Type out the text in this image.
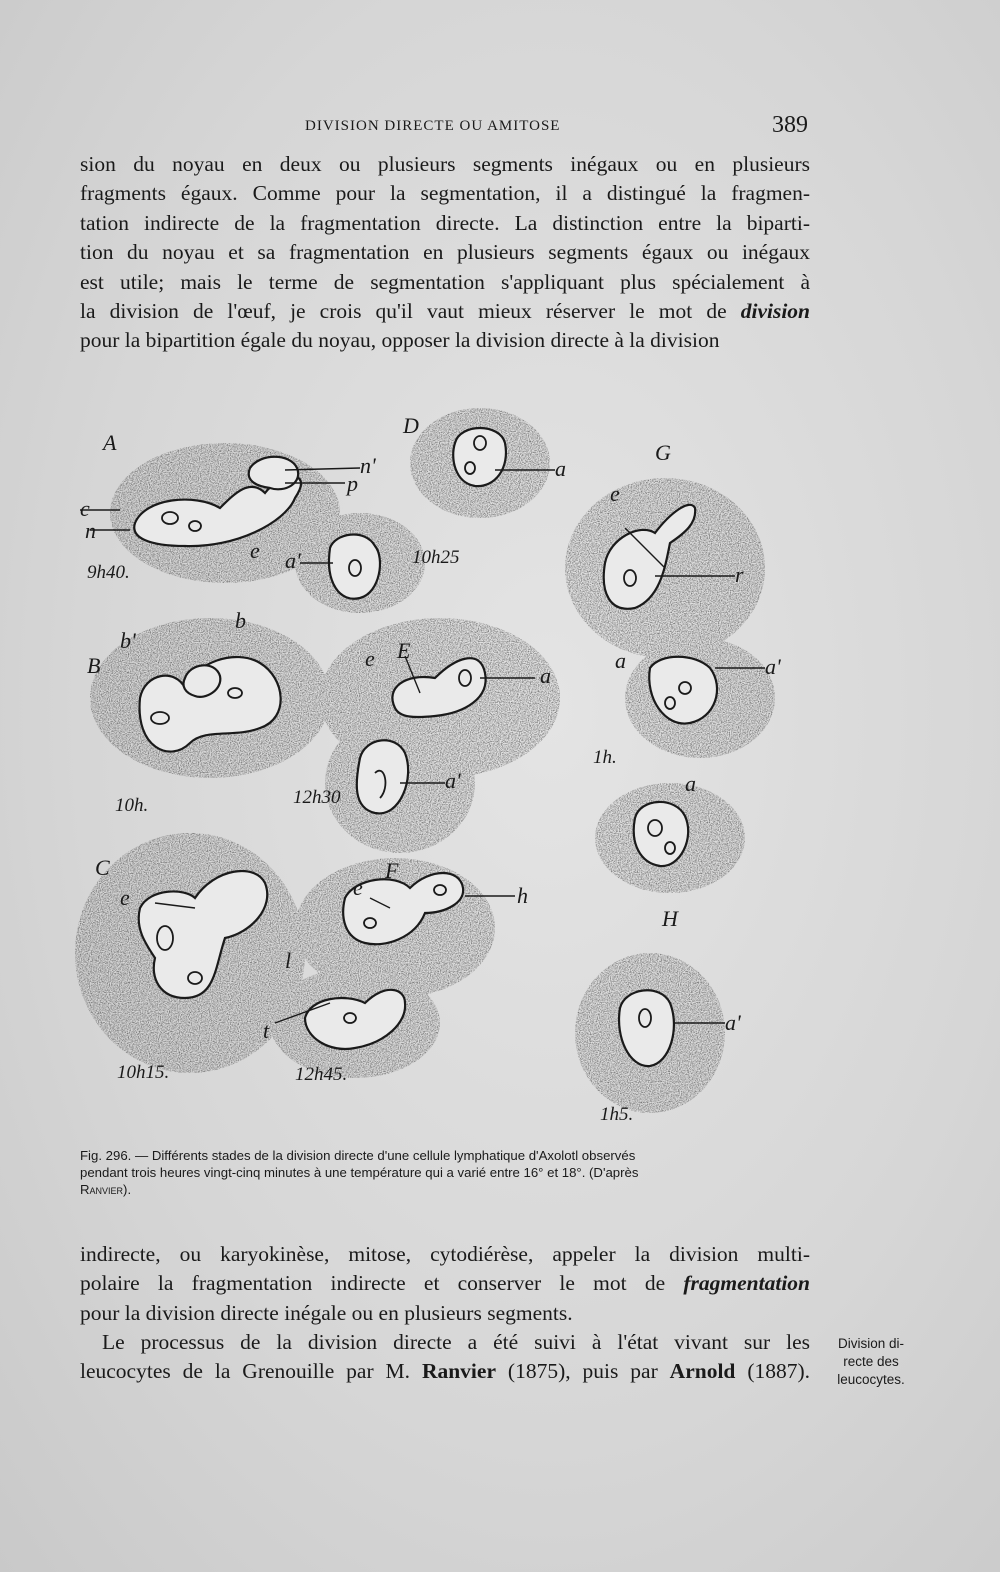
DIVISION DIRECTE OU AMITOSE	389
sion du noyau en deux ou plusieurs segments inégaux ou en plusieurs
fragments égaux. Comme pour la segmentation, il a distingué la fragmen-
tation indirecte de la fragmentation directe. La distinction entre la biparti-
tion du noyau et sa fragmentation en plusieurs segments égaux ou inégaux
est utile; mais le terme de segmentation s'appliquant plus spécialement à
la division de l'œuf, je crois qu'il vaut mieux réserver le mot de division
pour la bipartition égale du noyau, opposer la division directe à la division
A
B
C
D
E
F
G
H
9h40.
10h.
10h15.
10h25
12h30
12h45.
1h.
1h5.
c
n
n'
p
e
a
a'
r
a'
a
b
b'
a
a'	a
e	e	h
l
t	a'
e
e
Fig. 296. — Différents stades de la division directe d'une cellule lymphatique d'Axolotl observés
pendant trois heures vingt-cinq minutes à une température qui a varié entre 16° et 18°. (D'après
Ranvier).
indirecte, ou karyokinèse, mitose, cytodiérèse, appeler la division multi-
polaire la fragmentation indirecte et conserver le mot de fragmentation
pour la division directe inégale ou en plusieurs segments.
Le processus de la division directe a été suivi à l'état vivant sur les
leucocytes de la Grenouille par M. Ranvier (1875), puis par Arnold (1887).
Division di-
recte des
leucocytes.
